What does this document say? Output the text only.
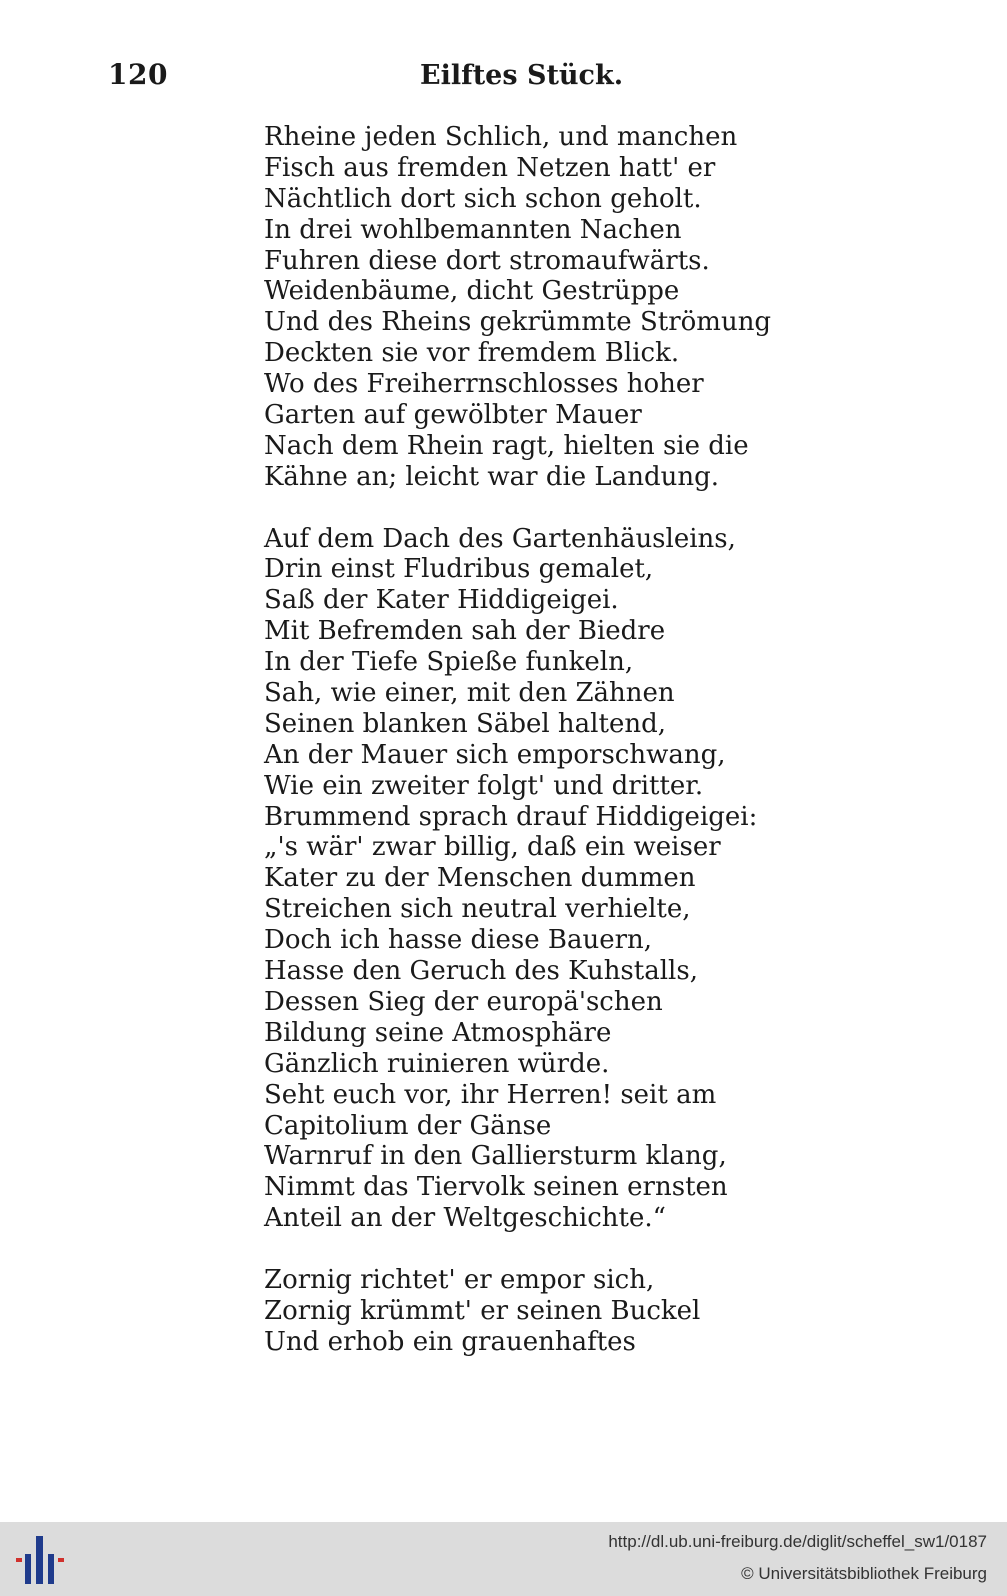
120	Eilftes Stück.
Rheine jeden Schlich, und manchen
Fisch aus fremden Netzen hatt' er
Nächtlich dort sich schon geholt.
In drei wohlbemannten Nachen
Fuhren diese dort stromaufwärts.
Weidenbäume, dicht Gestrüppe
Und des Rheins gekrümmte Strömung
Deckten sie vor fremdem Blick.
Wo des Freiherrnschlosses hoher
Garten auf gewölbter Mauer
Nach dem Rhein ragt, hielten sie die
Kähne an; leicht war die Landung.
Auf dem Dach des Gartenhäusleins,
Drin einst Fludribus gemalet,
Saß der Kater Hiddigeigei.
Mit Befremden sah der Biedre
In der Tiefe Spieße funkeln,
Sah, wie einer, mit den Zähnen
Seinen blanken Säbel haltend,
An der Mauer sich emporschwang,
Wie ein zweiter folgt' und dritter.
Brummend sprach drauf Hiddigeigei:
„'s wär' zwar billig, daß ein weiser
Kater zu der Menschen dummen
Streichen sich neutral verhielte,
Doch ich hasse diese Bauern,
Hasse den Geruch des Kuhstalls,
Dessen Sieg der europä'schen
Bildung seine Atmosphäre
Gänzlich ruinieren würde.
Seht euch vor, ihr Herren! seit am
Capitolium der Gänse
Warnruf in den Galliersturm klang,
Nimmt das Tiervolk seinen ernsten
Anteil an der Weltgeschichte.“
Zornig richtet' er empor sich,
Zornig krümmt' er seinen Buckel
Und erhob ein grauenhaftes
http://dl.ub.uni-freiburg.de/diglit/scheffel_sw1/0187
© Universitätsbibliothek Freiburg
